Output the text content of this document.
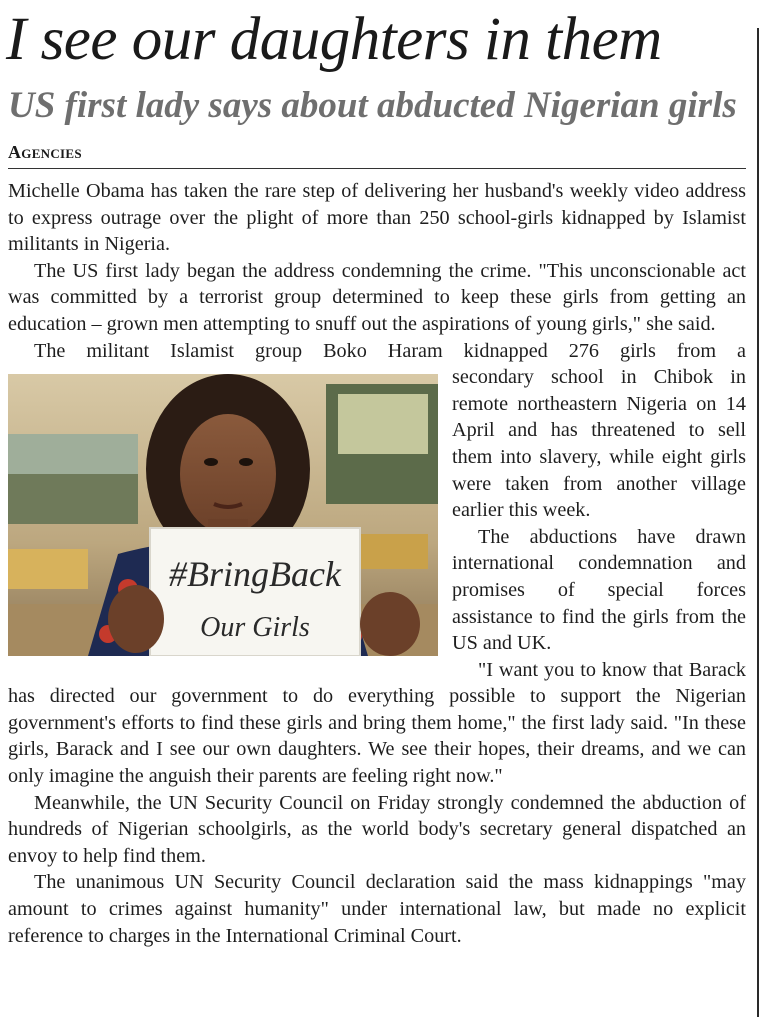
I see our daughters in them
US first lady says about abducted Nigerian girls
Agencies

Michelle Obama has taken the rare step of delivering her husband's weekly video address to express outrage over the plight of more than 250 school-girls kidnapped by Islamist militants in Nigeria.

The US first lady began the address condemning the crime. "This unconscionable act was committed by a terrorist group determined to keep these girls from getting an education – grown men attempting to snuff out the aspirations of young girls," she said.

The militant Islamist group Boko Haram kidnapped 276 girls from a

#BringBack
Our Girls

secondary school in Chibok in remote northeastern Nigeria on 14 April and has threatened to sell them into slavery, while eight girls were taken from another village earlier this week.

The abductions have drawn international condemnation and promises of special forces assistance to find the girls from the US and UK.

"I want you to know that Barack has directed our government to do everything possible to support the Nigerian government's efforts to find these girls and bring them home," the first lady said. "In these girls, Barack and I see our own daughters. We see their hopes, their dreams, and we can only imagine the anguish their parents are feeling right now."

Meanwhile, the UN Security Council on Friday strongly condemned the abduction of hundreds of Nigerian schoolgirls, as the world body's secretary general dispatched an envoy to help find them.

The unanimous UN Security Council declaration said the mass kidnappings "may amount to crimes against humanity" under international law, but made no explicit reference to charges in the International Criminal Court.
